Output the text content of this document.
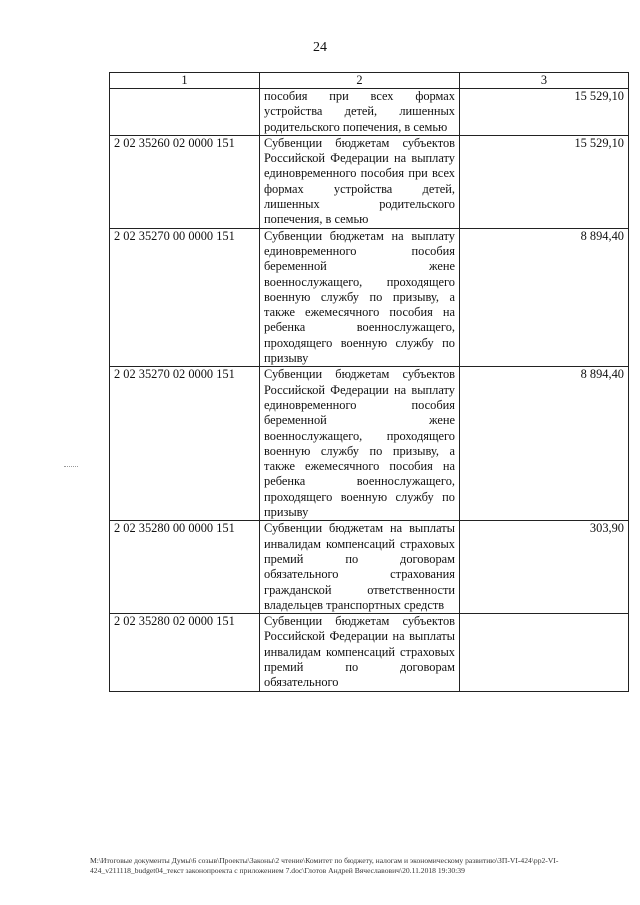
24
1	2	3
	пособия при всех формах устройства детей, лишенных родительского попечения, в семью	15 529,10
2 02 35260 02 0000 151	Субвенции бюджетам субъектов Российской Федерации на выплату единовременного пособия при всех формах устройства детей, лишенных родительского попечения, в семью	15 529,10
2 02 35270 00 0000 151	Субвенции бюджетам на выплату единовременного пособия беременной жене военнослужащего, проходящего военную службу по призыву, а также ежемесячного пособия на ребенка военнослужащего, проходящего военную службу по призыву	8 894,40
2 02 35270 02 0000 151	Субвенции бюджетам субъектов Российской Федерации на выплату единовременного пособия беременной жене военнослужащего, проходящего военную службу по призыву, а также ежемесячного пособия на ребенка военнослужащего, проходящего военную службу по призыву	8 894,40
2 02 35280 00 0000 151	Субвенции бюджетам на выплаты инвалидам компенсаций страховых премий по договорам обязательного страхования гражданской ответственности владельцев транспортных средств	303,90
2 02 35280 02 0000 151	Субвенции бюджетам субъектов Российской Федерации на выплаты инвалидам компенсаций страховых премий по договорам обязательного	
М:\Итоговые документы Думы\6 созыв\Проекты\Законы\2 чтение\Комитет по бюджету, налогам и экономическому развитию\ЗП-VI-424\рр2-VI-424_v211118_budget04_текст законопроекта с приложением 7.doc\Глотов Андрей Вячеславович\20.11.2018 19:30:39
